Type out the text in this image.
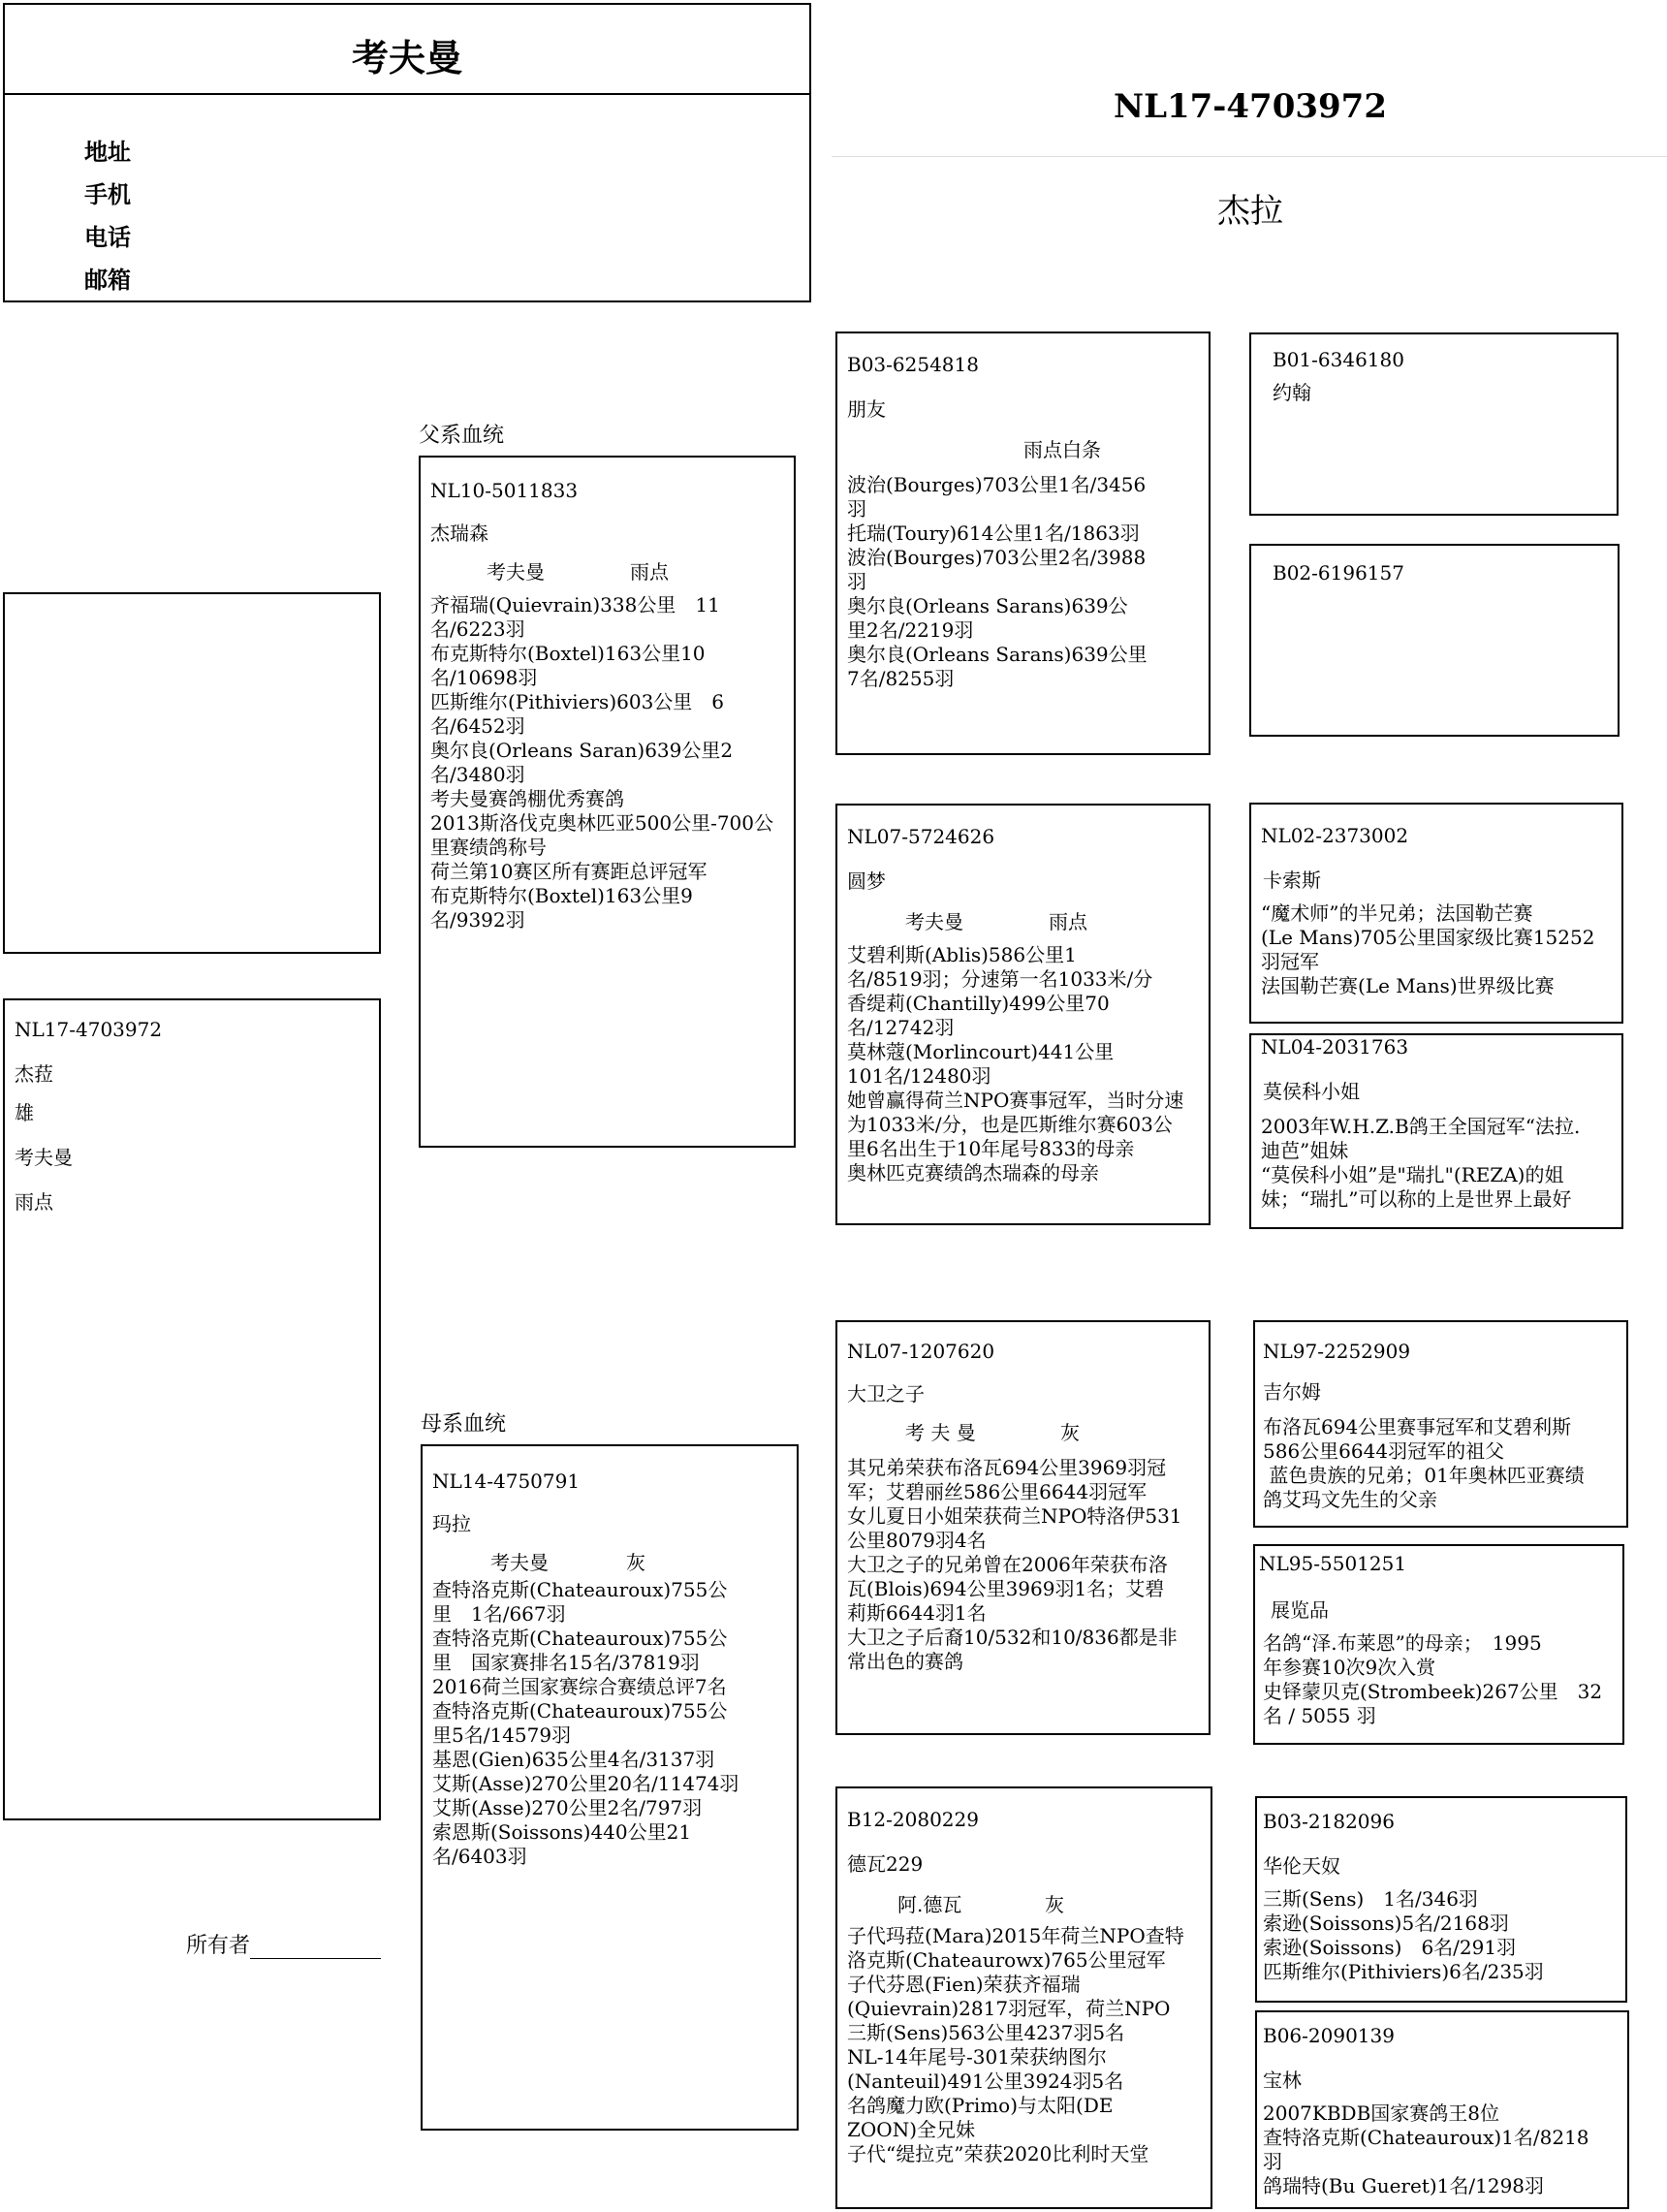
考夫曼
地址
手机
电话
邮箱
NL17-4703972
杰拉
NL17-4703972
杰菈
雄
考夫曼
雨点
所有者
父系血统
母系血统
NL10-5011833
杰瑞森
考夫曼	雨点
齐福瑞(Quievrain)338公里　11
名/6223羽
布克斯特尔(Boxtel)163公里10
名/10698羽
匹斯维尔(Pithiviers)603公里　6
名/6452羽
奥尔良(Orleans Saran)639公里2
名/3480羽
考夫曼赛鸽棚优秀赛鸽
2013斯洛伐克奥林匹亚500公里-700公
里赛绩鸽称号
荷兰第10赛区所有赛距总评冠军
布克斯特尔(Boxtel)163公里9
名/9392羽
NL14-4750791
玛拉
考夫曼	灰
查特洛克斯(Chateauroux)755公
里　1名/667羽
查特洛克斯(Chateauroux)755公
里　国家赛排名15名/37819羽
2016荷兰国家赛综合赛绩总评7名
查特洛克斯(Chateauroux)755公
里5名/14579羽
基恩(Gien)635公里4名/3137羽
艾斯(Asse)270公里20名/11474羽
艾斯(Asse)270公里2名/797羽
索恩斯(Soissons)440公里21
名/6403羽
B03-6254818
朋友
雨点白条
波治(Bourges)703公里1名/3456
羽
托瑞(Toury)614公里1名/1863羽
波治(Bourges)703公里2名/3988
羽
奥尔良(Orleans Sarans)639公
里2名/2219羽
奥尔良(Orleans Sarans)639公里
7名/8255羽
NL07-5724626
圆梦
考夫曼	雨点
艾碧利斯(Ablis)586公里1
名/8519羽；分速第一名1033米/分
香缇莉(Chantilly)499公里70
名/12742羽
莫林蔻(Morlincourt)441公里
101名/12480羽
她曾赢得荷兰NPO赛事冠军，当时分速
为1033米/分，也是匹斯维尔赛603公
里6名出生于10年尾号833的母亲
奥林匹克赛绩鸽杰瑞森的母亲
NL07-1207620
大卫之子
考 夫 曼	灰
其兄弟荣获布洛瓦694公里3969羽冠
军；艾碧丽丝586公里6644羽冠军
女儿夏日小姐荣获荷兰NPO特洛伊531
公里8079羽4名
大卫之子的兄弟曾在2006年荣获布洛
瓦(Blois)694公里3969羽1名；艾碧
莉斯6644羽1名
大卫之子后裔10/532和10/836都是非
常出色的赛鸽
B12-2080229
德瓦229
阿.德瓦	灰
子代玛菈(Mara)2015年荷兰NPO查特
洛克斯(Chateaurowx)765公里冠军
子代芬恩(Fien)荣获齐福瑞
(Quievrain)2817羽冠军，荷兰NPO
三斯(Sens)563公里4237羽5名
NL-14年尾号-301荣获纳图尔
(Nanteuil)491公里3924羽5名
名鸽魔力欧(Primo)与太阳(DE
ZOON)全兄妹
子代“缇拉克”荣获2020比利时天堂
B01-6346180
约翰
B02-6196157
NL02-2373002
卡索斯
“魔术师”的半兄弟；法国勒芒赛
(Le Mans)705公里国家级比赛15252
羽冠军
法国勒芒赛(Le Mans)世界级比赛
NL04-2031763
莫侯科小姐
2003年W.H.Z.B鸽王全国冠军“法拉.
迪芭”姐妹
“莫侯科小姐”是"瑞扎"(REZA)的姐
妹；“瑞扎”可以称的上是世界上最好
NL97-2252909
吉尔姆
布洛瓦694公里赛事冠军和艾碧利斯
586公里6644羽冠军的祖父
蓝色贵族的兄弟；01年奥林匹亚赛绩
鸽艾玛文先生的父亲
NL95-5501251
展览品
名鸽“泽.布莱恩”的母亲；　1995
年参赛10次9次入赏
史铎蒙贝克(Strombeek)267公里　32
名 / 5055 羽
B03-2182096
华伦天奴
三斯(Sens)　1名/346羽
索逊(Soissons)5名/2168羽
索逊(Soissons)　6名/291羽
匹斯维尔(Pithiviers)6名/235羽
B06-2090139
宝林
2007KBDB国家赛鸽王8位
查特洛克斯(Chateauroux)1名/8218
羽
鸽瑞特(Bu Gueret)1名/1298羽
